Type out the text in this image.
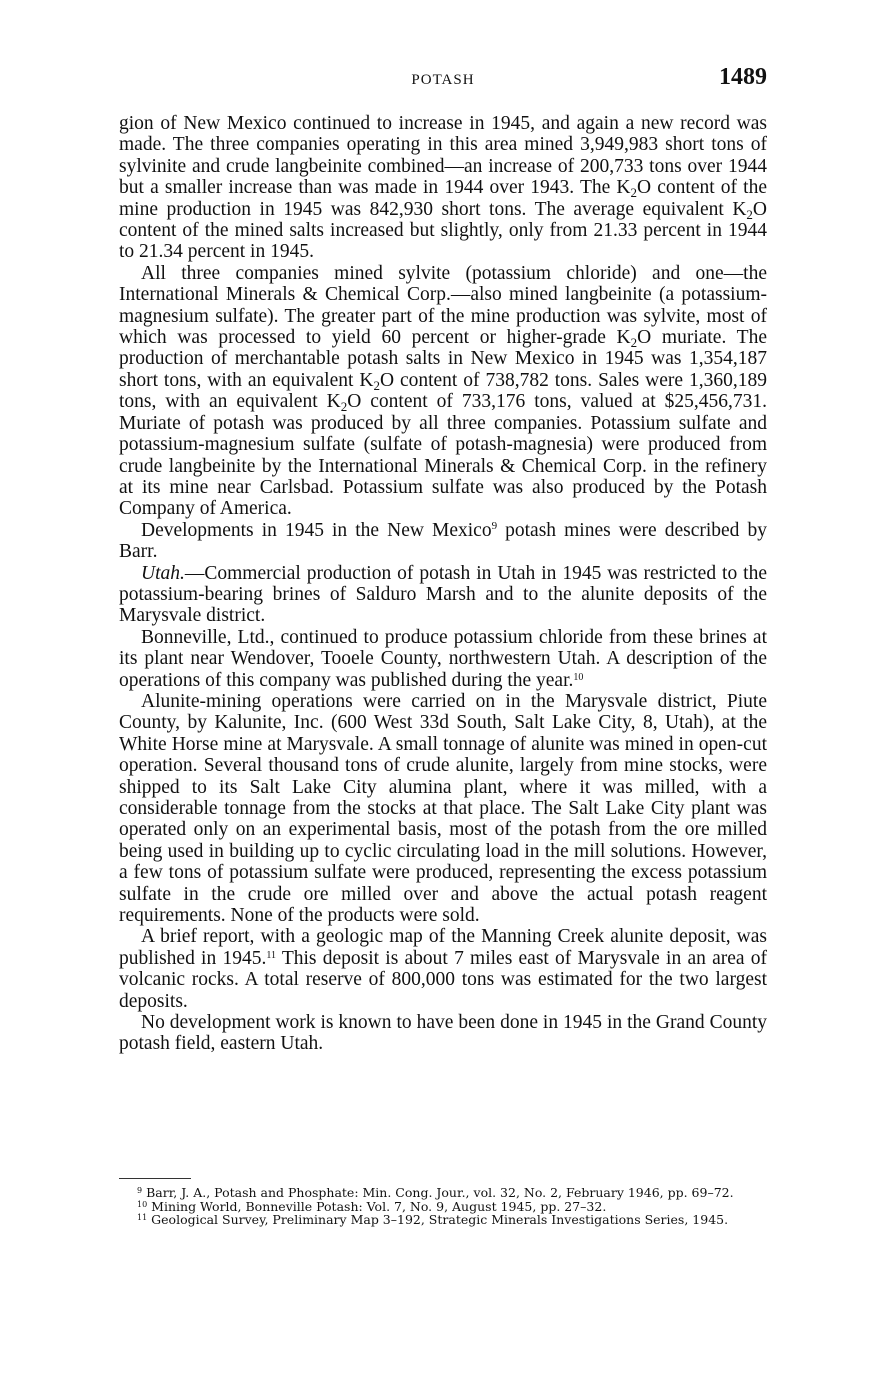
POTASH	1489

gion of New Mexico continued to increase in 1945, and again a new record was made. The three companies operating in this area mined 3,949,983 short tons of sylvinite and crude langbeinite combined—an increase of 200,733 tons over 1944 but a smaller increase than was made in 1944 over 1943. The $K_2O$ content of the mine production in 1945 was 842,930 short tons. The average equivalent $K_2O$ content of the mined salts increased but slightly, only from 21.33 percent in 1944 to 21.34 percent in 1945.

All three companies mined sylvite (potassium chloride) and one—the International Minerals & Chemical Corp.—also mined langbeinite (a potassium-magnesium sulfate). The greater part of the mine production was sylvite, most of which was processed to yield 60 percent or higher-grade $K_2O$ muriate. The production of merchantable potash salts in New Mexico in 1945 was 1,354,187 short tons, with an equivalent $K_2O$ content of 738,782 tons. Sales were 1,360,189 tons, with an equivalent $K_2O$ content of 733,176 tons, valued at $25,456,731. Muriate of potash was produced by all three companies. Potassium sulfate and potassium-magnesium sulfate (sulfate of potash-magnesia) were produced from crude langbeinite by the International Minerals & Chemical Corp. in the refinery at its mine near Carlsbad. Potassium sulfate was also produced by the Potash Company of America.

Developments in 1945 in the New Mexico$^9$ potash mines were described by Barr.

Utah.—Commercial production of potash in Utah in 1945 was restricted to the potassium-bearing brines of Salduro Marsh and to the alunite deposits of the Marysvale district.

Bonneville, Ltd., continued to produce potassium chloride from these brines at its plant near Wendover, Tooele County, northwestern Utah. A description of the operations of this company was published during the year.$^{10}$

Alunite-mining operations were carried on in the Marysvale district, Piute County, by Kalunite, Inc. (600 West 33d South, Salt Lake City, 8, Utah), at the White Horse mine at Marysvale. A small tonnage of alunite was mined in open-cut operation. Several thousand tons of crude alunite, largely from mine stocks, were shipped to its Salt Lake City alumina plant, where it was milled, with a considerable tonnage from the stocks at that place. The Salt Lake City plant was operated only on an experimental basis, most of the potash from the ore milled being used in building up to cyclic circulating load in the mill solutions. However, a few tons of potassium sulfate were produced, representing the excess potassium sulfate in the crude ore milled over and above the actual potash reagent requirements. None of the products were sold.

A brief report, with a geologic map of the Manning Creek alunite deposit, was published in 1945.11 This deposit is about 7 miles east of Marysvale in an area of volcanic rocks. A total reserve of 800,000 tons was estimated for the two largest deposits.

No development work is known to have been done in 1945 in the Grand County potash field, eastern Utah.

$^9$ Barr, J. A., Potash and Phosphate: Min. Cong. Jour., vol. 32, No. 2, February 1946, pp. 69–72.

$^{10}$ Mining World, Bonneville Potash: Vol. 7, No. 9, August 1945, pp. 27–32.

$^{11}$ Geological Survey, Preliminary Map 3–192, Strategic Minerals Investigations Series, 1945.
